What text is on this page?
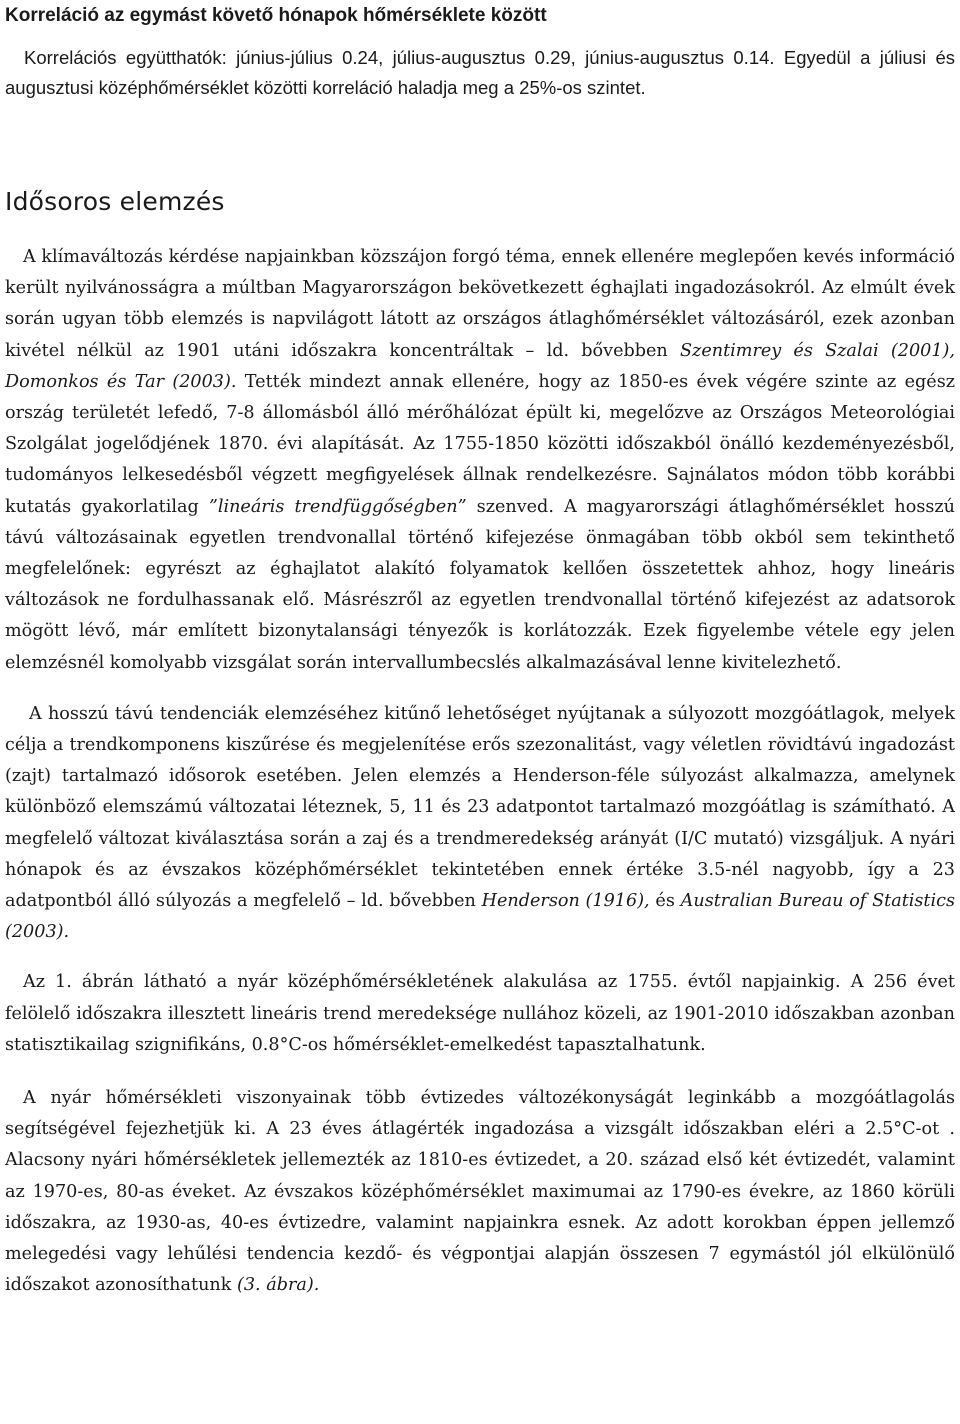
Korreláció az egymást követő hónapok hőmérséklete között

Korrelációs együtthatók: június-július 0.24, július-augusztus 0.29, június-augusztus 0.14. Egyedül a júliusi és augusztusi középhőmérséklet közötti korreláció haladja meg a 25%-os szintet.

Idősoros elemzés

A klímaváltozás kérdése napjainkban közszájon forgó téma, ennek ellenére meglepően kevés információ került nyilvánosságra a múltban Magyarországon bekövetkezett éghajlati ingadozásokról. Az elmúlt évek során ugyan több elemzés is napvilágott látott az országos átlaghőmérséklet változásáról, ezek azonban kivétel nélkül az 1901 utáni időszakra koncentráltak – ld. bővebben Szentimrey és Szalai (2001), Domonkos és Tar (2003). Tették mindezt annak ellenére, hogy az 1850-es évek végére szinte az egész ország területét lefedő, 7-8 állomásból álló mérőhálózat épült ki, megelőzve az Országos Meteorológiai Szolgálat jogelődjének 1870. évi alapítását. Az 1755-1850 közötti időszakból önálló kezdeményezésből, tudományos lelkesedésből végzett megfigyelések állnak rendelkezésre. Sajnálatos módon több korábbi kutatás gyakorlatilag ”lineáris trendfüggőségben” szenved. A magyarországi átlaghőmérséklet hosszú távú változásainak egyetlen trendvonallal történő kifejezése önmagában több okból sem tekinthető megfelelőnek: egyrészt az éghajlatot alakító folyamatok kellően összetettek ahhoz, hogy lineáris változások ne fordulhassanak elő. Másrészről az egyetlen trendvonallal történő kifejezést az adatsorok mögött lévő, már említett bizonytalansági tényezők is korlátozzák. Ezek figyelembe vétele egy jelen elemzésnél komolyabb vizsgálat során intervallumbecslés alkalmazásával lenne kivitelezhető.

A hosszú távú tendenciák elemzéséhez kitűnő lehetőséget nyújtanak a súlyozott mozgóátlagok, melyek célja a trendkomponens kiszűrése és megjelenítése erős szezonalitást, vagy véletlen rövidtávú ingadozást (zajt) tartalmazó idősorok esetében. Jelen elemzés a Henderson-féle súlyozást alkalmazza, amelynek különböző elemszámú változatai léteznek, 5, 11 és 23 adatpontot tartalmazó mozgóátlag is számítható. A megfelelő változat kiválasztása során a zaj és a trendmeredekség arányát (I/C mutató) vizsgáljuk. A nyári hónapok és az évszakos középhőmérséklet tekintetében ennek értéke 3.5-nél nagyobb, így a 23 adatpontból álló súlyozás a megfelelő – ld. bővebben Henderson (1916), és Australian Bureau of Statistics (2003).

Az 1. ábrán látható a nyár középhőmérsékletének alakulása az 1755. évtől napjainkig. A 256 évet felölelő időszakra illesztett lineáris trend meredeksége nullához közeli, az 1901-2010 időszakban azonban statisztikailag szignifikáns, 0.8°C-os hőmérséklet-emelkedést tapasztalhatunk.

A nyár hőmérsékleti viszonyainak több évtizedes változékonyságát leginkább a mozgóátlagolás segítségével fejezhetjük ki. A 23 éves átlagérték ingadozása a vizsgált időszakban eléri a 2.5°C-ot . Alacsony nyári hőmérsékletek jellemezték az 1810-es évtizedet, a 20. század első két évtizedét, valamint az 1970-es, 80-as éveket. Az évszakos középhőmérséklet maximumai az 1790-es évekre, az 1860 körüli időszakra, az 1930-as, 40-es évtizedre, valamint napjainkra esnek. Az adott korokban éppen jellemző melegedési vagy lehűlési tendencia kezdő- és végpontjai alapján összesen 7 egymástól jól elkülönülő időszakot azonosíthatunk (3. ábra).
